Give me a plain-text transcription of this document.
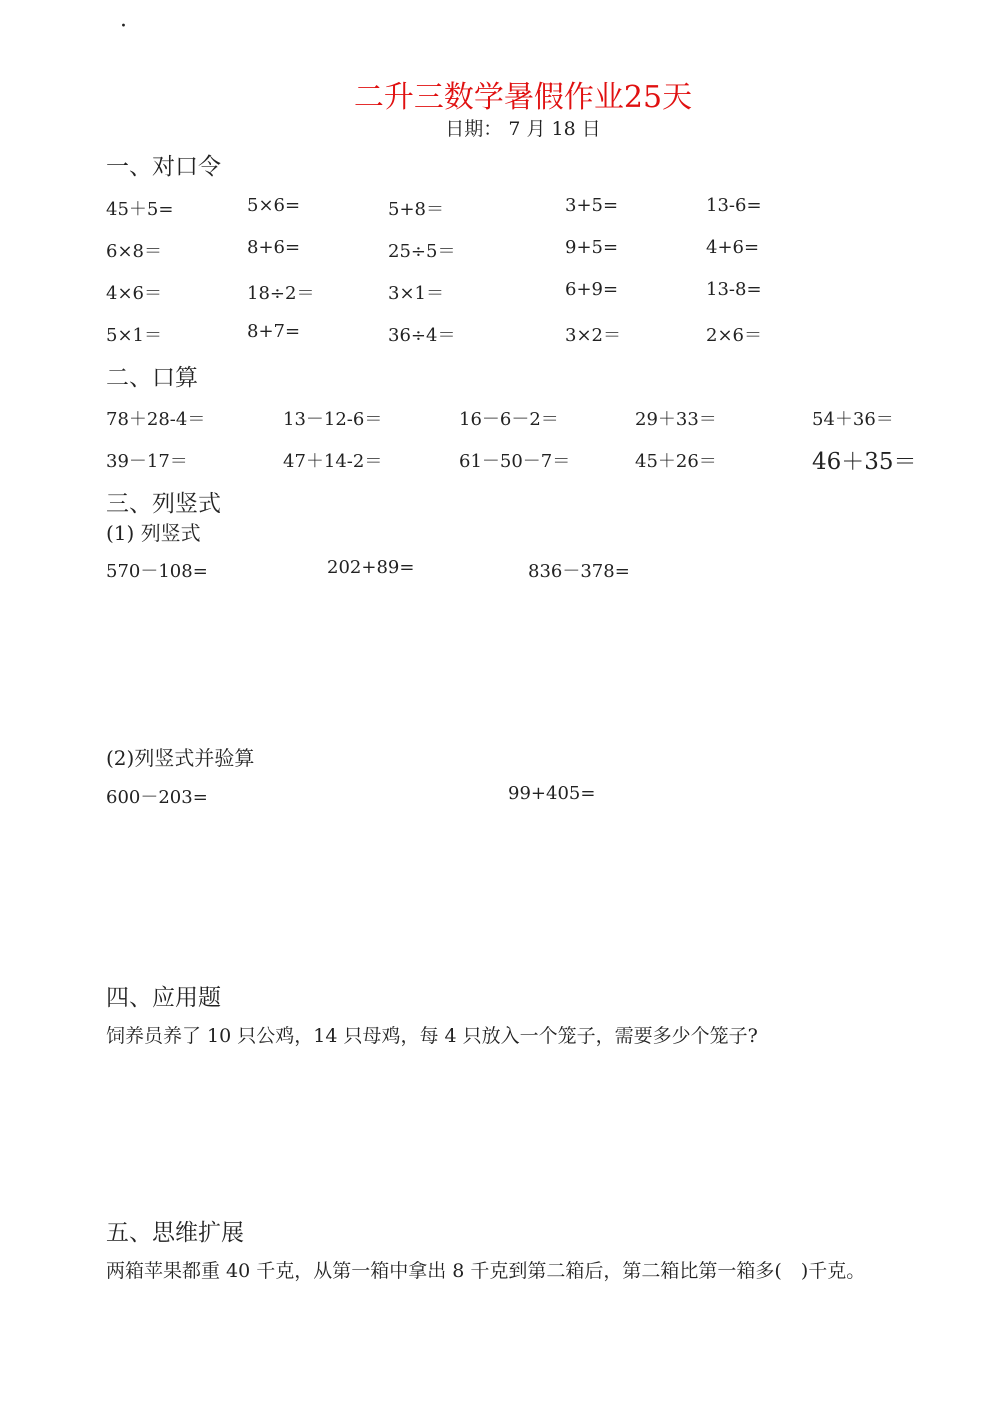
·
二升三数学暑假作业25天
日期： 7 月 18 日
一、对口令
45＋5=	5×6=	5+8＝	3+5=	13-6=
6×8＝	8+6=	25÷5＝	9+5=	4+6=
4×6＝	18÷2＝	3×1＝	6+9=	13-8=
5×1＝	8+7=	36÷4＝	3×2＝	2×6＝
二、口算
78＋28-4＝	13－12-6＝	16－6－2＝	29＋33＝	54＋36＝
39－17＝	47＋14-2＝	61－50－7＝	45＋26＝	46＋35＝
三、列竖式
(1) 列竖式
570－108=	202+89=	836－378=
(2)列竖式并验算
600－203=	99+405=
四、应用题
饲养员养了 10 只公鸡，14 只母鸡，每 4 只放入一个笼子，需要多少个笼子?
五、思维扩展
两箱苹果都重 40 千克，从第一箱中拿出 8 千克到第二箱后，第二箱比第一箱多(　)千克。
